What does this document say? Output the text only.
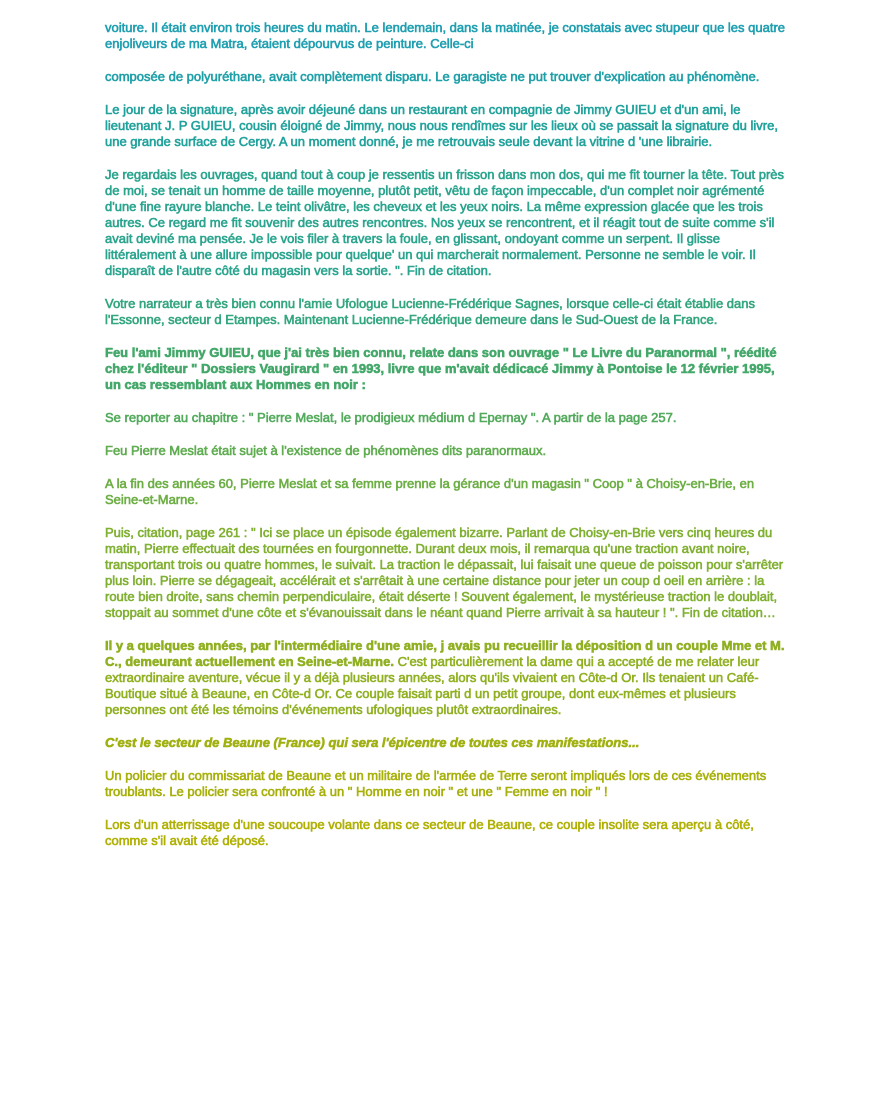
voiture. Il était environ trois heures du matin. Le lendemain, dans la matinée, je constatais avec stupeur que les quatre enjoliveurs de ma Matra, étaient dépourvus de peinture. Celle-ci

composée de polyuréthane, avait complètement disparu. Le garagiste ne put trouver d'explication au phénomène.

Le jour de la signature, après avoir déjeuné dans un restaurant en compagnie de Jimmy GUIEU et d'un ami, le lieutenant J. P GUIEU, cousin éloigné de Jimmy, nous nous rendîmes sur les lieux où se passait la signature du livre, une grande surface de Cergy. A un moment donné, je me retrouvais seule devant la vitrine d 'une librairie.

Je regardais les ouvrages, quand tout à coup je ressentis un frisson dans mon dos, qui me fit tourner la tête. Tout près de moi, se tenait un homme de taille moyenne, plutôt petit, vêtu de façon impeccable, d'un complet noir agrémenté d'une fine rayure blanche. Le teint olivâtre, les cheveux et les yeux noirs. La même expression glacée que les trois autres. Ce regard me fit souvenir des autres rencontres. Nos yeux se rencontrent, et il réagit tout de suite comme s'il avait deviné ma pensée. Je le vois filer à travers la foule, en glissant, ondoyant comme un serpent. Il glisse littéralement à une allure impossible pour quelque' un qui marcherait normalement. Personne ne semble le voir. Il disparaît de l'autre côté du magasin vers la sortie. ". Fin de citation.

Votre narrateur a très bien connu l'amie Ufologue Lucienne-Frédérique Sagnes, lorsque celle-ci était établie dans l'Essonne, secteur d Etampes. Maintenant Lucienne-Frédérique demeure dans le Sud-Ouest de la France.

Feu l'ami Jimmy GUIEU, que j'ai très bien connu, relate dans son ouvrage " Le Livre du Paranormal ", réédité chez l'éditeur " Dossiers Vaugirard " en 1993, livre que m'avait dédicacé Jimmy à Pontoise le 12 février 1995, un cas ressemblant aux Hommes en noir :

Se reporter au chapitre : " Pierre Meslat, le prodigieux médium d Epernay ". A partir de la page 257.

Feu Pierre Meslat était sujet à l'existence de phénomènes dits paranormaux.

A la fin des années 60, Pierre Meslat et sa femme prenne la gérance d'un magasin " Coop " à Choisy-en-Brie, en Seine-et-Marne.

Puis, citation, page 261 : " Ici se place un épisode également bizarre. Parlant de Choisy-en-Brie vers cinq heures du matin, Pierre effectuait des tournées en fourgonnette. Durant deux mois, il remarqua qu'une traction avant noire, transportant trois ou quatre hommes, le suivait. La traction le dépassait, lui faisait une queue de poisson pour s'arrêter plus loin. Pierre se dégageait, accélérait et s'arrêtait à une certaine distance pour jeter un coup d oeil en arrière : la route bien droite, sans chemin perpendiculaire, était déserte ! Souvent également, le mystérieuse traction le doublait, stoppait au sommet d'une côte et s'évanouissait dans le néant quand Pierre arrivait à sa hauteur ! ". Fin de citation…

Il y a quelques années, par l'intermédiaire d'une amie, j avais pu recueillir la déposition d un couple Mme et M. C., demeurant actuellement en Seine-et-Marne. C'est particulièrement la dame qui a accepté de me relater leur extraordinaire aventure, vécue il y a déjà plusieurs années, alors qu'ils vivaient en Côte-d Or. Ils tenaient un Café-Boutique situé à Beaune, en Côte-d Or. Ce couple faisait parti d un petit groupe, dont eux-mêmes et plusieurs personnes ont été les témoins d'événements ufologiques plutôt extraordinaires.

C'est le secteur de Beaune (France) qui sera l'épicentre de toutes ces manifestations...

Un policier du commissariat de Beaune et un militaire de l'armée de Terre seront impliqués lors de ces événements troublants. Le policier sera confronté à un " Homme en noir " et une " Femme en noir " !

Lors d'un atterrissage d'une soucoupe volante dans ce secteur de Beaune, ce couple insolite sera aperçu à côté, comme s'il avait été déposé.
